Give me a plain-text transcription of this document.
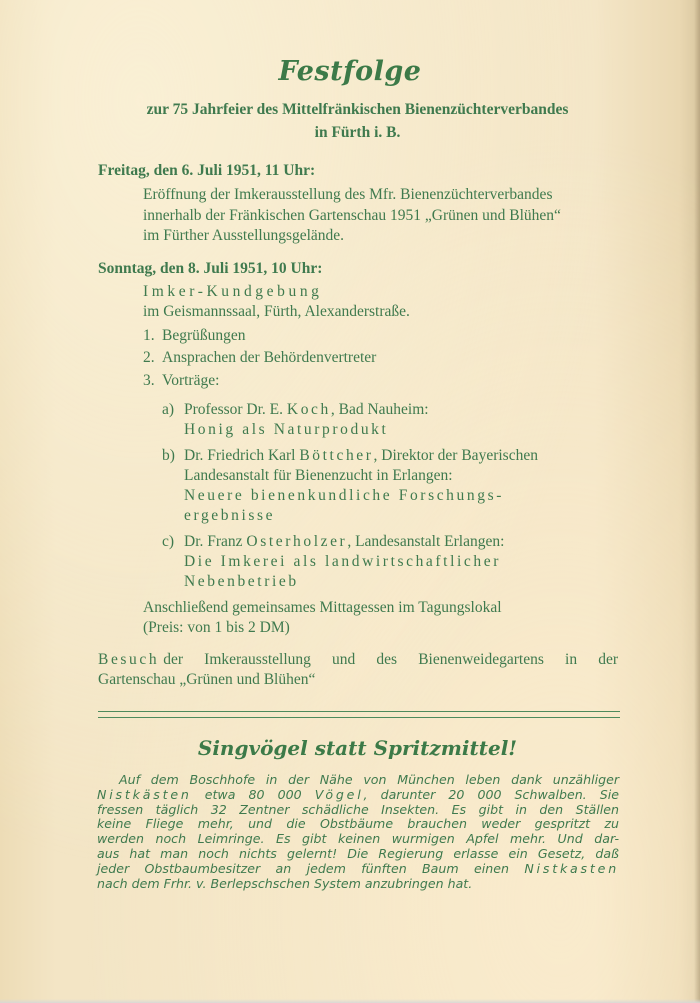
Festfolge
zur 75 Jahrfeier des Mittelfränkischen Bienenzüchterverbandes
in Fürth i. B.
Freitag, den 6. Juli 1951, 11 Uhr:
Eröffnung der Imkerausstellung des Mfr. Bienenzüchterverbandes
innerhalb der Fränkischen Gartenschau 1951 „Grünen und Blühen“
im Fürther Ausstellungsgelände.
Sonntag, den 8. Juli 1951, 10 Uhr:
Imker-Kundgebung
im Geismannssaal, Fürth, Alexanderstraße.
1. Begrüßungen
2. Ansprachen der Behördenvertreter
3. Vorträge:
a) Professor Dr. E. Koch, Bad Nauheim:
Honig als Naturprodukt
b) Dr. Friedrich Karl Böttcher, Direktor der Bayerischen
Landesanstalt für Bienenzucht in Erlangen:
Neuere bienenkundliche Forschungs-
ergebnisse
c) Dr. Franz Osterholzer, Landesanstalt Erlangen:
Die Imkerei als landwirtschaftlicher
Nebenbetrieb
Anschließend gemeinsames Mittagessen im Tagungslokal
(Preis: von 1 bis 2 DM)
Besuch der Imkerausstellung und des Bienenweidegartens in der
Gartenschau „Grünen und Blühen“
Singvögel statt Spritzmittel!
Auf dem Boschhofe in der Nähe von München leben dank unzähliger
Nistkästen etwa 80 000 Vögel, darunter 20 000 Schwalben. Sie
fressen täglich 32 Zentner schädliche Insekten. Es gibt in den Ställen
keine Fliege mehr, und die Obstbäume brauchen weder gespritzt zu
werden noch Leimringe. Es gibt keinen wurmigen Apfel mehr. Und dar-
aus hat man noch nichts gelernt! Die Regierung erlasse ein Gesetz, daß
jeder Obstbaumbesitzer an jedem fünften Baum einen Nistkasten
nach dem Frhr. v. Berlepschschen System anzubringen hat.
